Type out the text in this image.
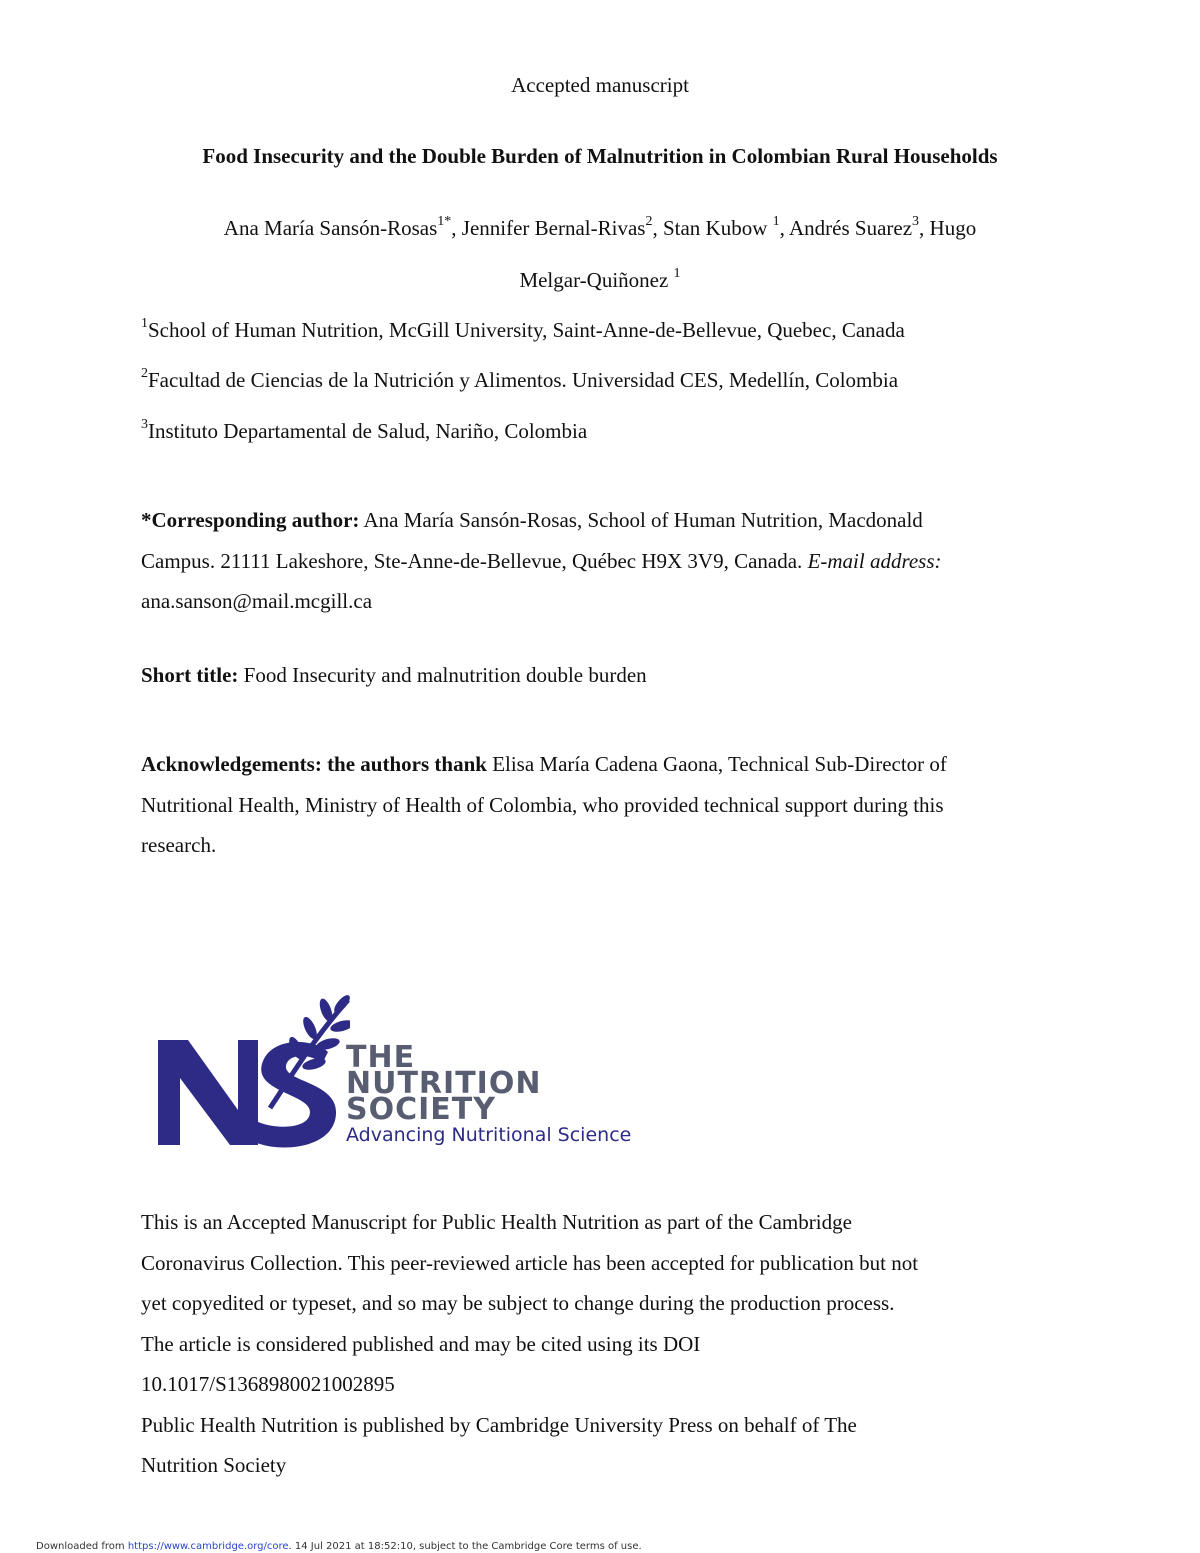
Accepted manuscript
Food Insecurity and the Double Burden of Malnutrition in Colombian Rural Households
Ana María Sansón-Rosas$^{1*}$, Jennifer Bernal-Rivas$^2$, Stan Kubow $^1$, Andrés Suarez$^3$, Hugo
Melgar-Quiñonez $^1$
$^1$School of Human Nutrition, McGill University, Saint-Anne-de-Bellevue, Quebec, Canada
$^2$Facultad de Ciencias de la Nutrición y Alimentos. Universidad CES, Medellín, Colombia
$^3$Instituto Departamental de Salud, Nariño, Colombia
*Corresponding author: Ana María Sansón-Rosas, School of Human Nutrition, Macdonald
Campus. 21111 Lakeshore, Ste-Anne-de-Bellevue, Québec H9X 3V9, Canada. E-mail address:
ana.sanson@mail.mcgill.ca
Short title: Food Insecurity and malnutrition double burden
Acknowledgements: the authors thank Elisa María Cadena Gaona, Technical Sub-Director of
Nutritional Health, Ministry of Health of Colombia, who provided technical support during this
research.
THE
NUTRITION
SOCIETY
Advancing Nutritional Science
This is an Accepted Manuscript for Public Health Nutrition as part of the Cambridge
Coronavirus Collection. This peer-reviewed article has been accepted for publication but not
yet copyedited or typeset, and so may be subject to change during the production process.
The article is considered published and may be cited using its DOI
10.1017/S1368980021002895
Public Health Nutrition is published by Cambridge University Press on behalf of The
Nutrition Society
Downloaded from https://www.cambridge.org/core. 14 Jul 2021 at 18:52:10, subject to the Cambridge Core terms of use.
